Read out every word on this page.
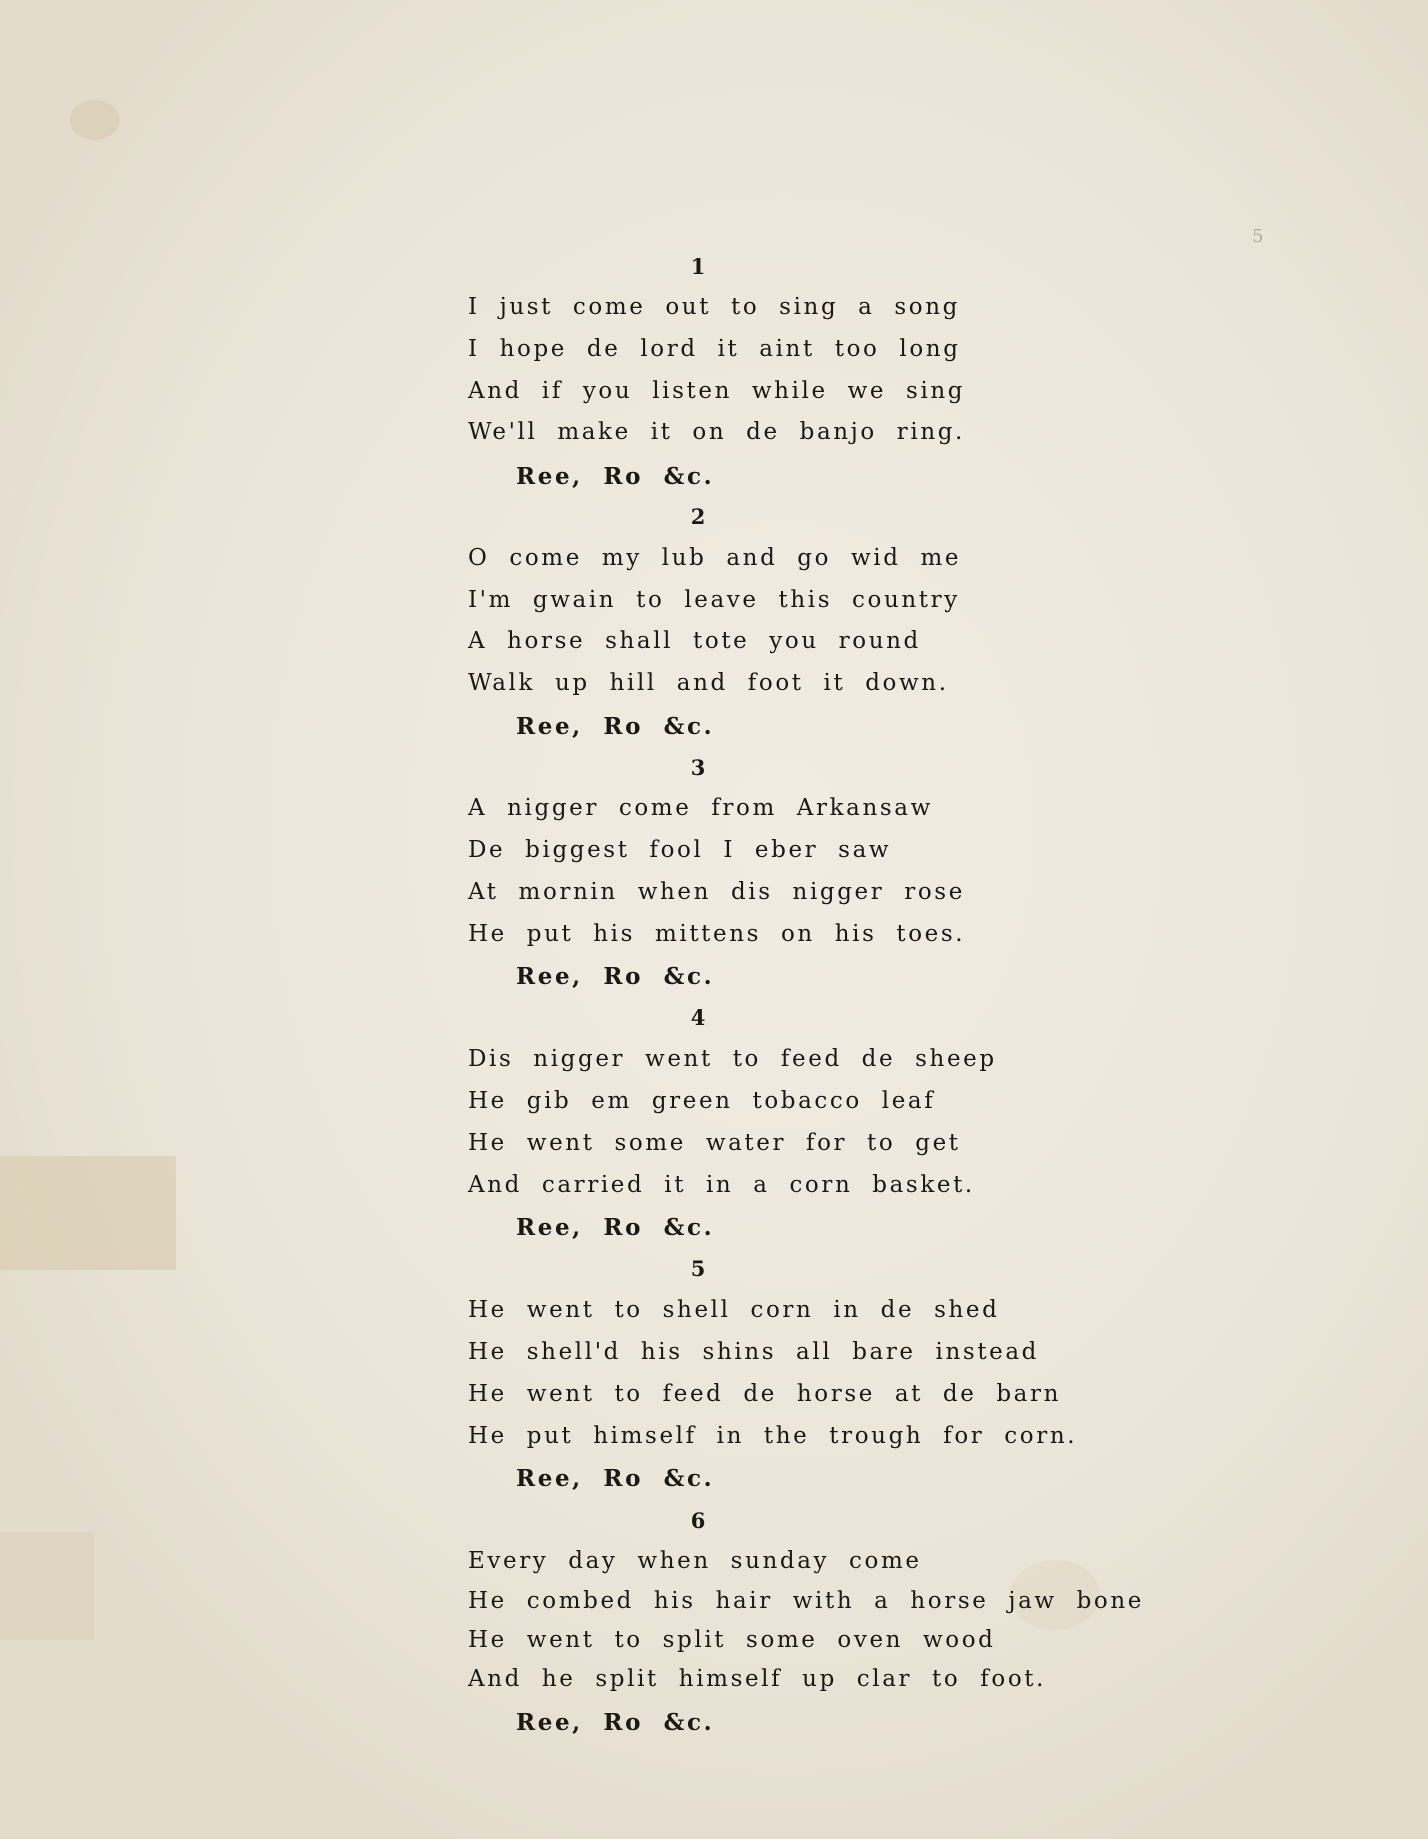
5
1
I just come out to sing a song
I hope de lord it aint too long
And if you listen while we sing
We'll make it on de banjo ring.
Ree, Ro &c.
2
O come my lub and go wid me
I'm gwain to leave this country
A horse shall tote you round
Walk up hill and foot it down.
Ree, Ro &c.
3
A nigger come from Arkansaw
De biggest fool I eber saw
At mornin when dis nigger rose
He put his mittens on his toes.
Ree, Ro &c.
4
Dis nigger went to feed de sheep
He gib em green tobacco leaf
He went some water for to get
And carried it in a corn basket.
Ree, Ro &c.
5
He went to shell corn in de shed
He shell'd his shins all bare instead
He went to feed de horse at de barn
He put himself in the trough for corn.
Ree, Ro &c.
6
Every day when sunday come
He combed his hair with a horse jaw bone
He went to split some oven wood
And he split himself up clar to foot.
Ree, Ro &c.
